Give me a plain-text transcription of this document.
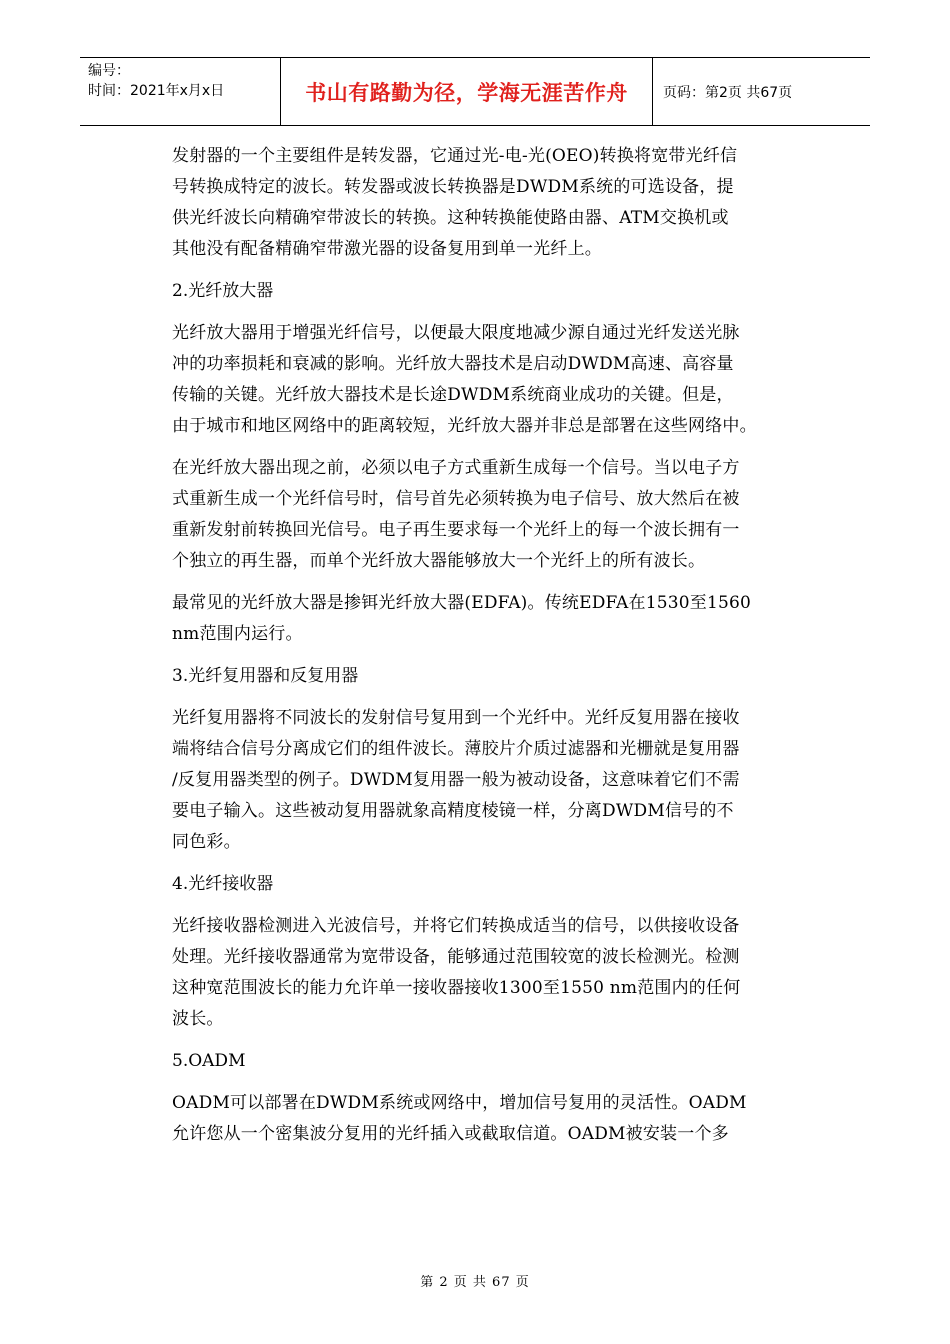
编号：
时间：2021年x月x日	书山有路勤为径，学海无涯苦作舟	页码：第2页 共67页

发射器的一个主要组件是转发器，它通过光-电-光(OEO)转换将宽带光纤信
号转换成特定的波长。转发器或波长转换器是DWDM系统的可选设备，提
供光纤波长向精确窄带波长的转换。这种转换能使路由器、ATM交换机或
其他没有配备精确窄带激光器的设备复用到单一光纤上。

2.光纤放大器

光纤放大器用于增强光纤信号，以便最大限度地减少源自通过光纤发送光脉
冲的功率损耗和衰减的影响。光纤放大器技术是启动DWDM高速、高容量
传输的关键。光纤放大器技术是长途DWDM系统商业成功的关键。但是，
由于城市和地区网络中的距离较短，光纤放大器并非总是部署在这些网络中。

在光纤放大器出现之前，必须以电子方式重新生成每一个信号。当以电子方
式重新生成一个光纤信号时，信号首先必须转换为电子信号、放大然后在被
重新发射前转换回光信号。电子再生要求每一个光纤上的每一个波长拥有一
个独立的再生器，而单个光纤放大器能够放大一个光纤上的所有波长。

最常见的光纤放大器是掺铒光纤放大器(EDFA)。传统EDFA在1530至1560
nm范围内运行。

3.光纤复用器和反复用器

光纤复用器将不同波长的发射信号复用到一个光纤中。光纤反复用器在接收
端将结合信号分离成它们的组件波长。薄胶片介质过滤器和光栅就是复用器
/反复用器类型的例子。DWDM复用器一般为被动设备，这意味着它们不需
要电子输入。这些被动复用器就象高精度棱镜一样，分离DWDM信号的不
同色彩。

4.光纤接收器

光纤接收器检测进入光波信号，并将它们转换成适当的信号，以供接收设备
处理。光纤接收器通常为宽带设备，能够通过范围较宽的波长检测光。检测
这种宽范围波长的能力允许单一接收器接收1300至1550 nm范围内的任何
波长。

5.OADM

OADM可以部署在DWDM系统或网络中，增加信号复用的灵活性。OADM
允许您从一个密集波分复用的光纤插入或截取信道。OADM被安装一个多

第 2 页 共 67 页
